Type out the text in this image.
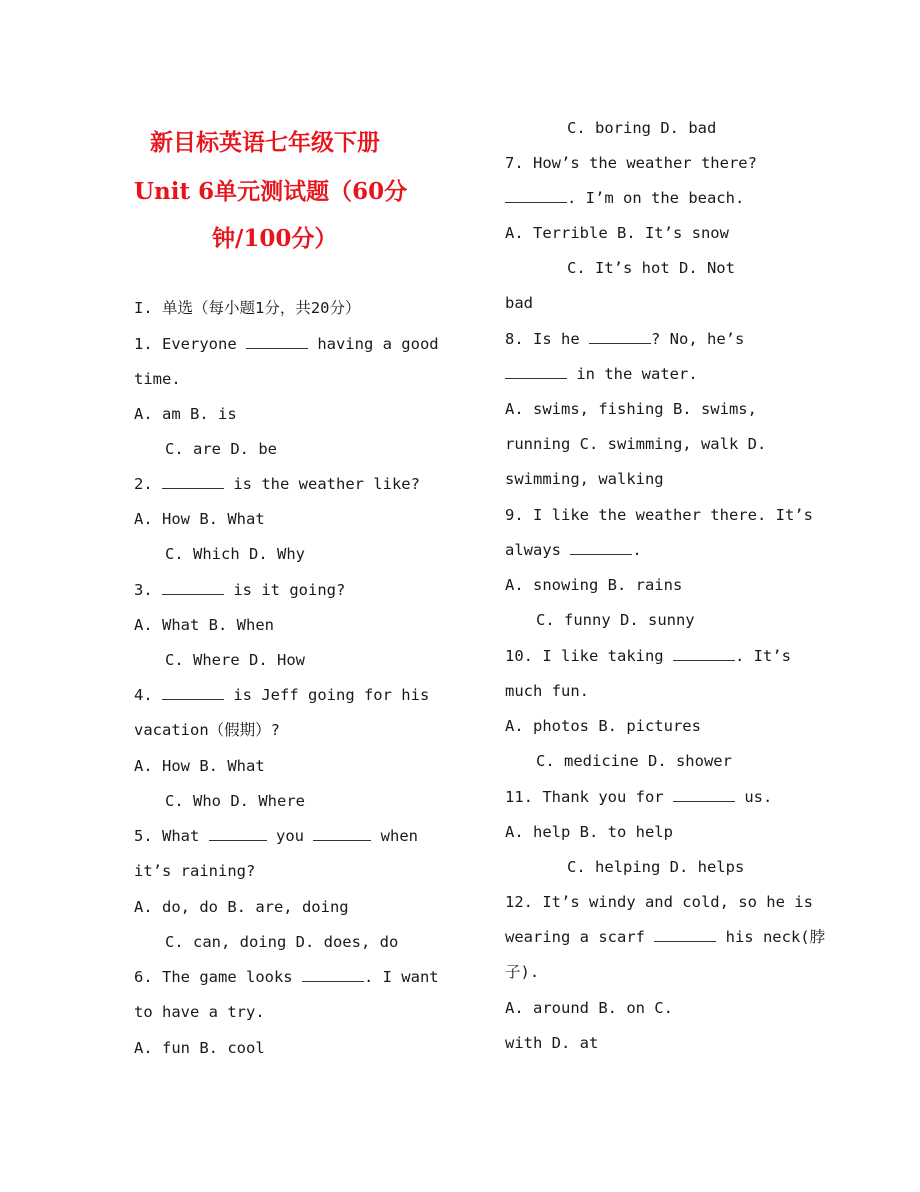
新目标英语七年级下册
Unit 6单元测试题（60分
钟/100分）
I. 单选（每小题1分，共20分）
1. Everyone	having a good
time.
A. am B. is
C. are D. be
2.	is the weather like?
A. How B. What
C. Which D. Why
3.	is it going?
A. What B. When
C. Where D. How
4.	is Jeff going for his
vacation（假期）?
A. How B. What
C. Who D. Where
5. What	you	when
it’s raining?
A. do, do B. are, doing
C. can, doing D. does, do
6. The game looks	. I want
to have a try.
A. fun B. cool
C. boring D. bad
7. How’s the weather there?
. I’m on the beach.
A. Terrible B. It’s snow
C. It’s hot D. Not
bad
8. Is he	? No, he’s
in the water.
A. swims, fishing B. swims,
running C. swimming, walk D.
swimming, walking
9. I like the weather there. It’s
always	.
A. snowing B. rains
C. funny D. sunny
10. I like taking	. It’s
much fun.
A. photos B. pictures
C. medicine D. shower
11. Thank you for	us.
A. help B. to help
C. helping D. helps
12. It’s windy and cold, so he is
wearing a scarf	his neck(脖
子).
A. around B. on C.
with D. at
